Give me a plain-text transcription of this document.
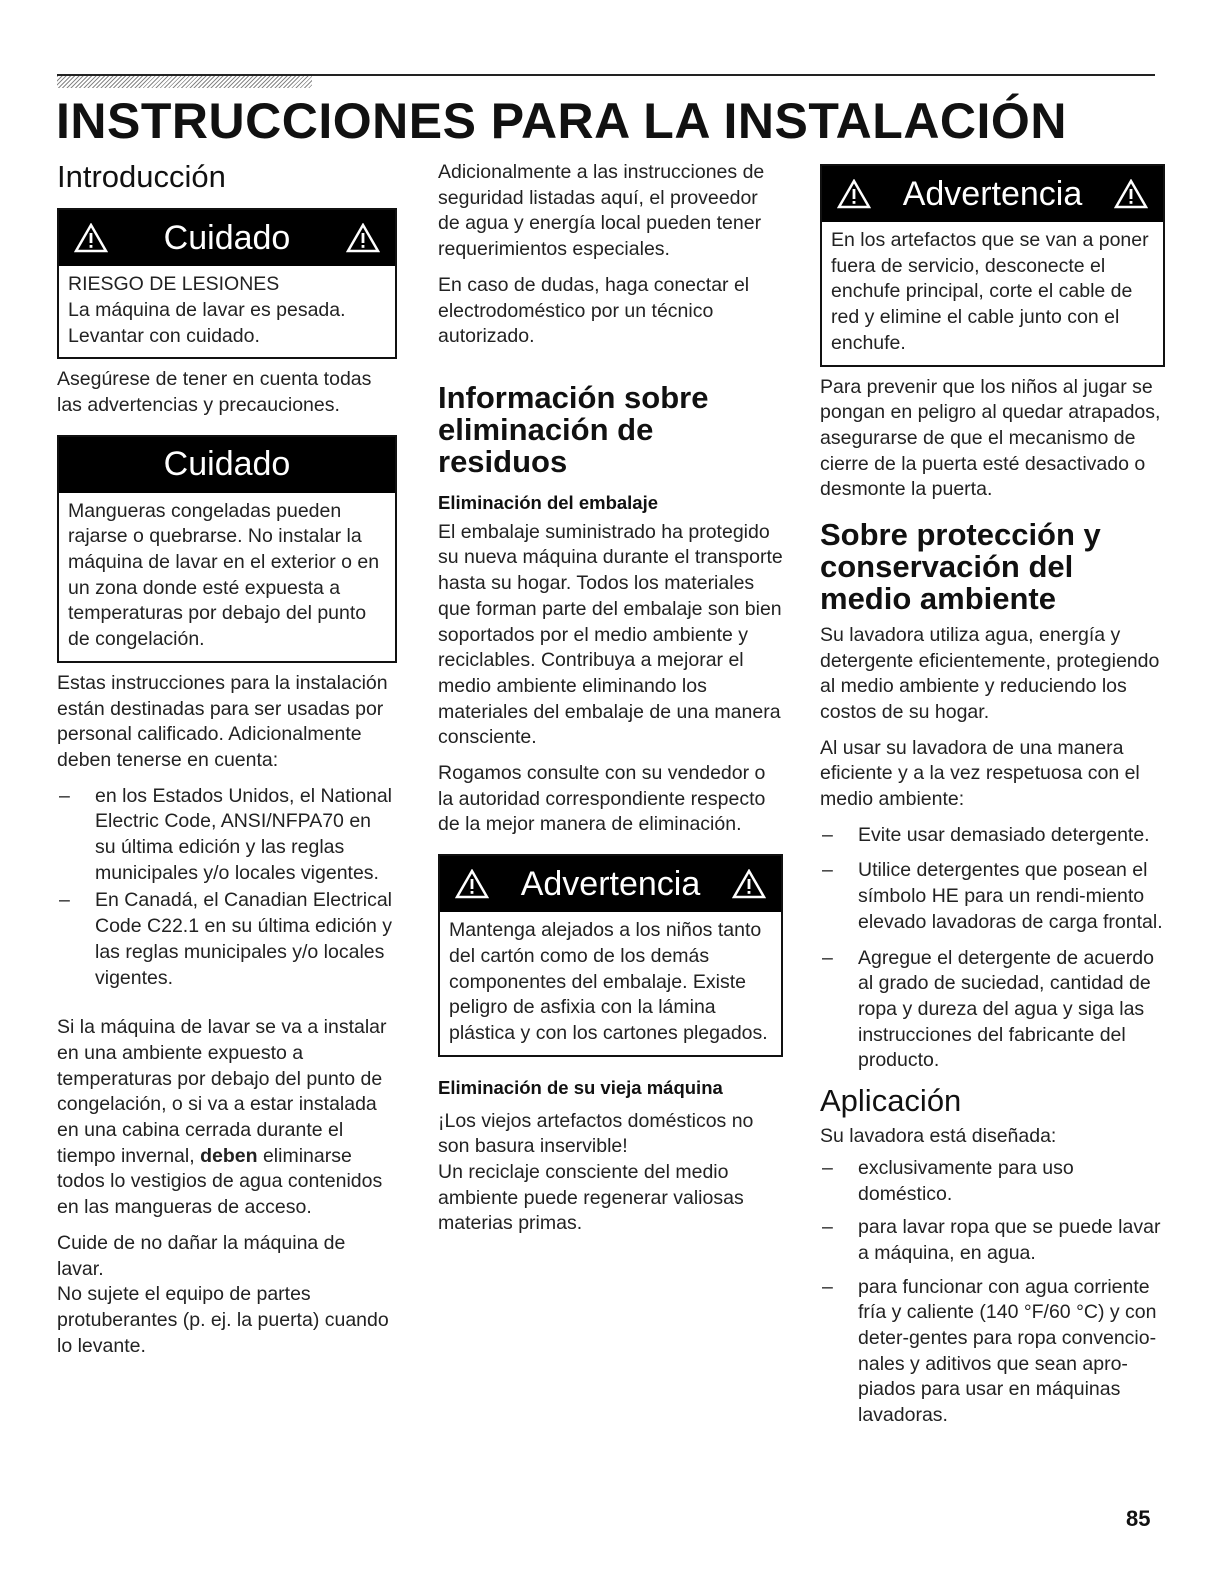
INSTRUCCIONES PARA LA INSTALACIÓN
Introducción
Cuidado

RIESGO DE LESIONES

La máquina de lavar es pesada.

Levantar con cuidado.

Asegúrese de tener en cuenta todas las advertencias y precauciones.

Cuidado

Mangueras congeladas pueden rajarse o quebrarse. No instalar la máquina de lavar en el exterior o en un zona donde esté expuesta a temperaturas por debajo del punto de congelación.

Estas instrucciones para la instalación están destinadas para ser usadas por personal calificado. Adicionalmente deben tenerse en cuenta:

– en los Estados Unidos, el National Electric Code, ANSI/NFPA70 en su última edición y las reglas municipales y/o locales vigentes.
– En Canadá, el Canadian Electrical Code C22.1 en su última edición y las reglas municipales y/o locales vigentes.

Si la máquina de lavar se va a instalar en una ambiente expuesto a temperaturas por debajo del punto de congelación, o si va a estar instalada en una cabina cerrada durante el tiempo invernal, deben eliminarse todos lo vestigios de agua contenidos en las mangueras de acceso.

Cuide de no dañar la máquina de lavar.

No sujete el equipo de partes protuberantes (p. ej. la puerta) cuando lo levante.

Adicionalmente a las instrucciones de seguridad listadas aquí, el proveedor de agua y energía local pueden tener requerimientos especiales.

En caso de dudas, haga conectar el electrodoméstico por un técnico autorizado.

Información sobre eliminación de residuos
Eliminación del embalaje

El embalaje suministrado ha protegido su nueva máquina durante el transporte hasta su hogar. Todos los materiales que forman parte del embalaje son bien soportados por el medio ambiente y reciclables. Contribuya a mejorar el medio ambiente eliminando los materiales del embalaje de una manera consciente.

Rogamos consulte con su vendedor o la autoridad correspondiente respecto de la mejor manera de eliminación.

Advertencia

Mantenga alejados a los niños tanto del cartón como de los demás componentes del embalaje. Existe peligro de asfixia con la lámina plástica y con los cartones plegados.

Eliminación de su vieja máquina

¡Los viejos artefactos domésticos no son basura inservible!

Un reciclaje consciente del medio ambiente puede regenerar valiosas materias primas.

Advertencia

En los artefactos que se van a poner fuera de servicio, desconecte el enchufe principal, corte el cable de red y elimine el cable junto con el enchufe.

Para prevenir que los niños al jugar se pongan en peligro al quedar atrapados, asegurarse de que el mecanismo de cierre de la puerta esté desactivado o desmonte la puerta.

Sobre protección y conservación del medio ambiente

Su lavadora utiliza agua, energía y detergente eficientemente, protegiendo al medio ambiente y reduciendo los costos de su hogar.

Al usar su lavadora de una manera eficiente y a la vez respetuosa con el medio ambiente:

– Evite usar demasiado detergente.
– Utilice detergentes que posean el símbolo HE para un rendi-miento elevado lavadoras de carga frontal.
– Agregue el detergente de acuerdo al grado de suciedad, cantidad de ropa y dureza del agua y siga las instrucciones del fabricante del producto.
Aplicación

Su lavadora está diseñada:

– exclusivamente para uso doméstico.
– para lavar ropa que se puede lavar a máquina, en agua.
– para funcionar con agua corriente fría y caliente (140 °F/60 °C) y con deter-gentes para ropa convencio-nales y aditivos que sean apro-piados para usar en máquinas lavadoras.
85
